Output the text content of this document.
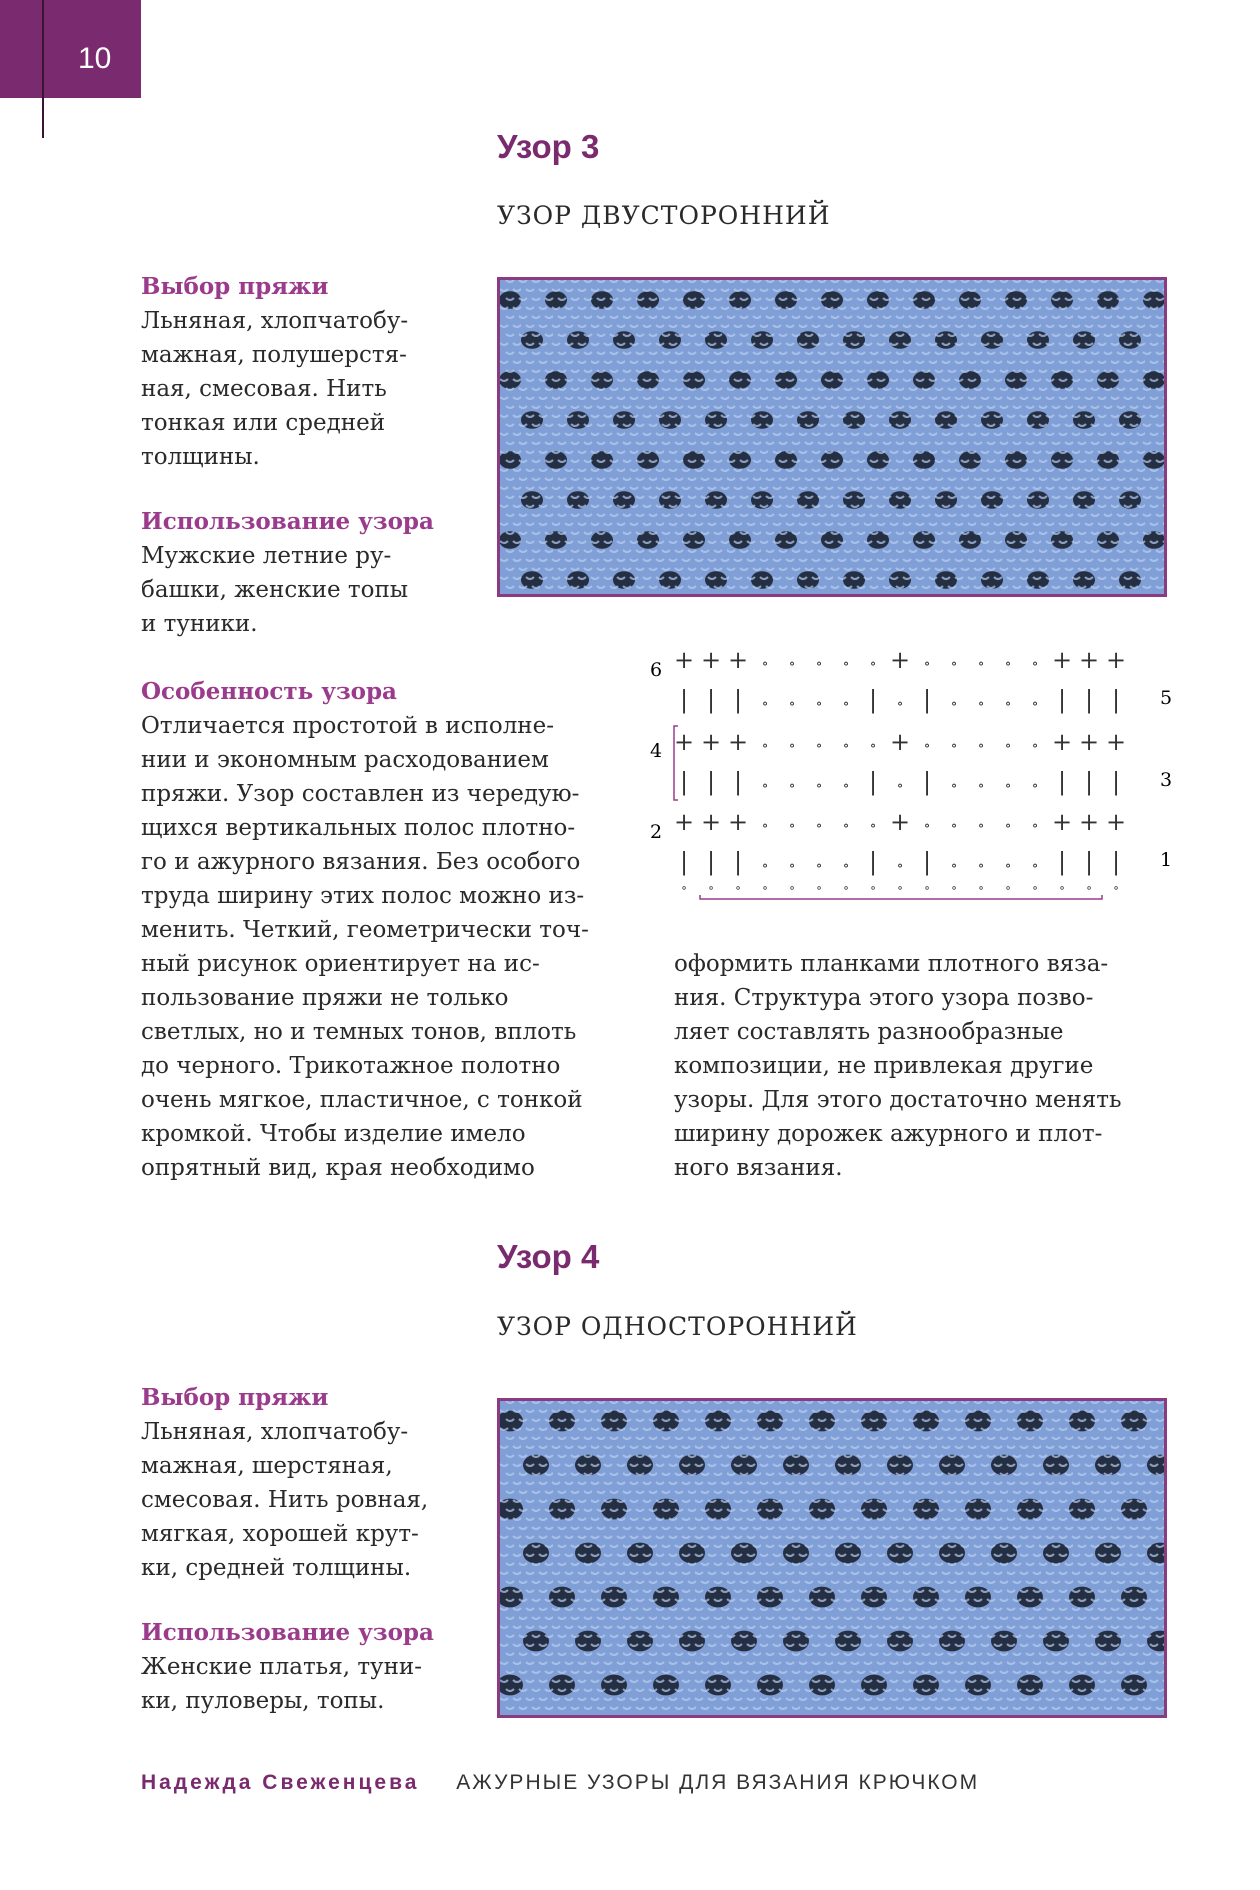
10
Узор 3
УЗОР ДВУСТОРОННИЙ
Выбор пряжи
Льняная, хлопчатобу-
мажная, полушерстя-
ная, смесовая. Нить
тонкая или средней
толщины.
Использование узора
Мужские летние ру-
башки, женские топы
и туники.
Особенность узора
Отличается простотой в исполне-
нии и экономным расходованием
пряжи. Узор составлен из чередую-
щихся вертикальных полос плотно-
го и ажурного вязания. Без особого
труда ширину этих полос можно из-
менить. Четкий, геометрически точ-
ный рисунок ориентирует на ис-
пользование пряжи не только
светлых, но и темных тонов, вплоть
до черного. Трикотажное полотно
очень мягкое, пластичное, с тонкой
кромкой. Чтобы изделие имело
опрятный вид, края необходимо
оформить планками плотного вяза-
ния. Структура этого узора позво-
ляет составлять разнообразные
композиции, не привлекая другие
узоры. Для этого достаточно менять
ширину дорожек ажурного и плот-
ного вязания.
+ + + ∘ ∘ ∘ ∘ ∘ + ∘ ∘ ∘ ∘ ∘ + + +
| | | ∘ ∘ ∘ ∘ | ∘ | ∘ ∘ ∘ ∘ | | |
+ + + ∘ ∘ ∘ ∘ ∘ + ∘ ∘ ∘ ∘ ∘ + + +
| | | ∘ ∘ ∘ ∘ | ∘ | ∘ ∘ ∘ ∘ | | |
+ + + ∘ ∘ ∘ ∘ ∘ + ∘ ∘ ∘ ∘ ∘ + + +
| | | ∘ ∘ ∘ ∘ | ∘ | ∘ ∘ ∘ ∘ | | |
∘ ∘ ∘ ∘ ∘ ∘ ∘ ∘ ∘ ∘ ∘ ∘ ∘ ∘ ∘ ∘ ∘
6
4
2
5
3
1
Узор 4
УЗОР ОДНОСТОРОННИЙ
Выбор пряжи
Льняная, хлопчатобу-
мажная, шерстяная,
смесовая. Нить ровная,
мягкая, хорошей крут-
ки, средней толщины.
Использование узора
Женские платья, туни-
ки, пуловеры, топы.
Надежда Свеженцева АЖУРНЫЕ УЗОРЫ ДЛЯ ВЯЗАНИЯ КРЮЧКОМ
